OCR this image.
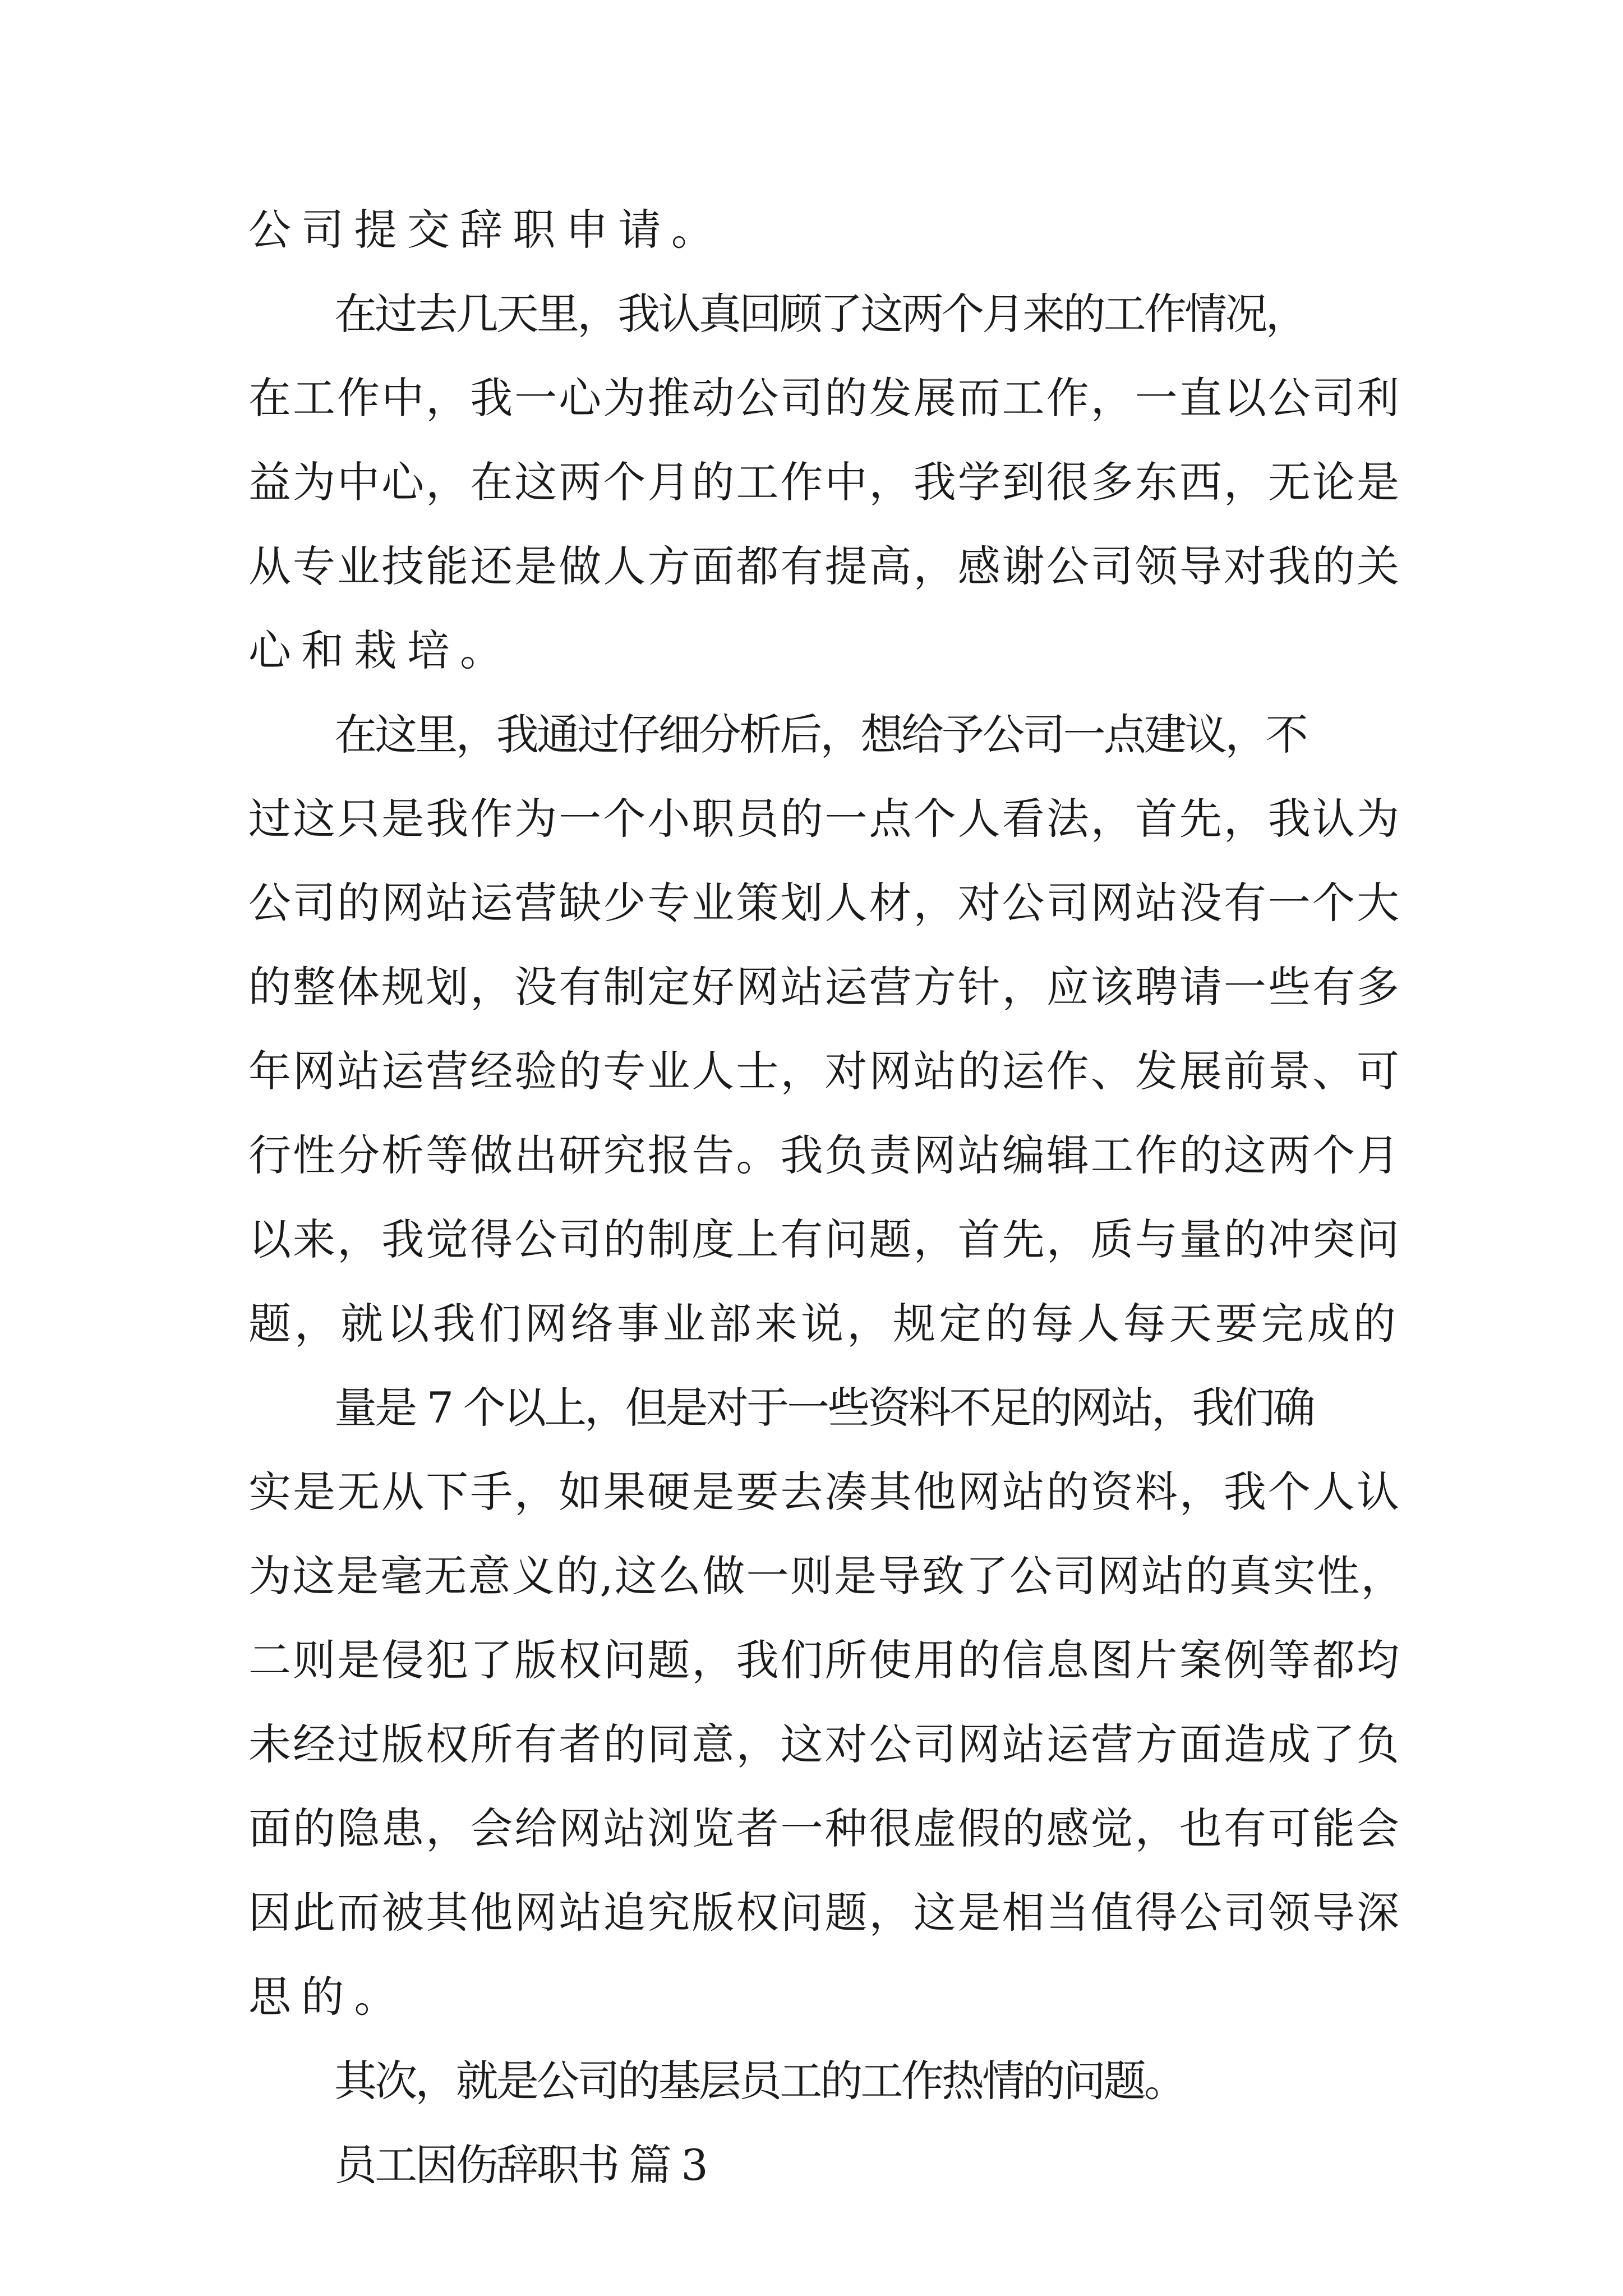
公司提交辞职申请。
在过去几天里，我认真回顾了这两个月来的工作情况，
在工作中，我一心为推动公司的发展而工作，一直以公司利
益为中心，在这两个月的工作中，我学到很多东西，无论是
从专业技能还是做人方面都有提高，感谢公司领导对我的关
心和栽培。
在这里，我通过仔细分析后，想给予公司一点建议，不
过这只是我作为一个小职员的一点个人看法，首先，我认为
公司的网站运营缺少专业策划人材，对公司网站没有一个大
的整体规划，没有制定好网站运营方针，应该聘请一些有多
年网站运营经验的专业人士，对网站的运作、发展前景、可
行性分析等做出研究报告。我负责网站编辑工作的这两个月
以来，我觉得公司的制度上有问题，首先，质与量的冲突问
题，就以我们网络事业部来说，规定的每人每天要完成的
量是 7 个以上，但是对于一些资料不足的网站，我们确
实是无从下手，如果硬是要去凑其他网站的资料，我个人认
为这是毫无意义的,这么做一则是导致了公司网站的真实性，
二则是侵犯了版权问题，我们所使用的信息图片案例等都均
未经过版权所有者的同意，这对公司网站运营方面造成了负
面的隐患，会给网站浏览者一种很虚假的感觉，也有可能会
因此而被其他网站追究版权问题，这是相当值得公司领导深
思的。
其次，就是公司的基层员工的工作热情的问题。
员工因伤辞职书 篇 3
